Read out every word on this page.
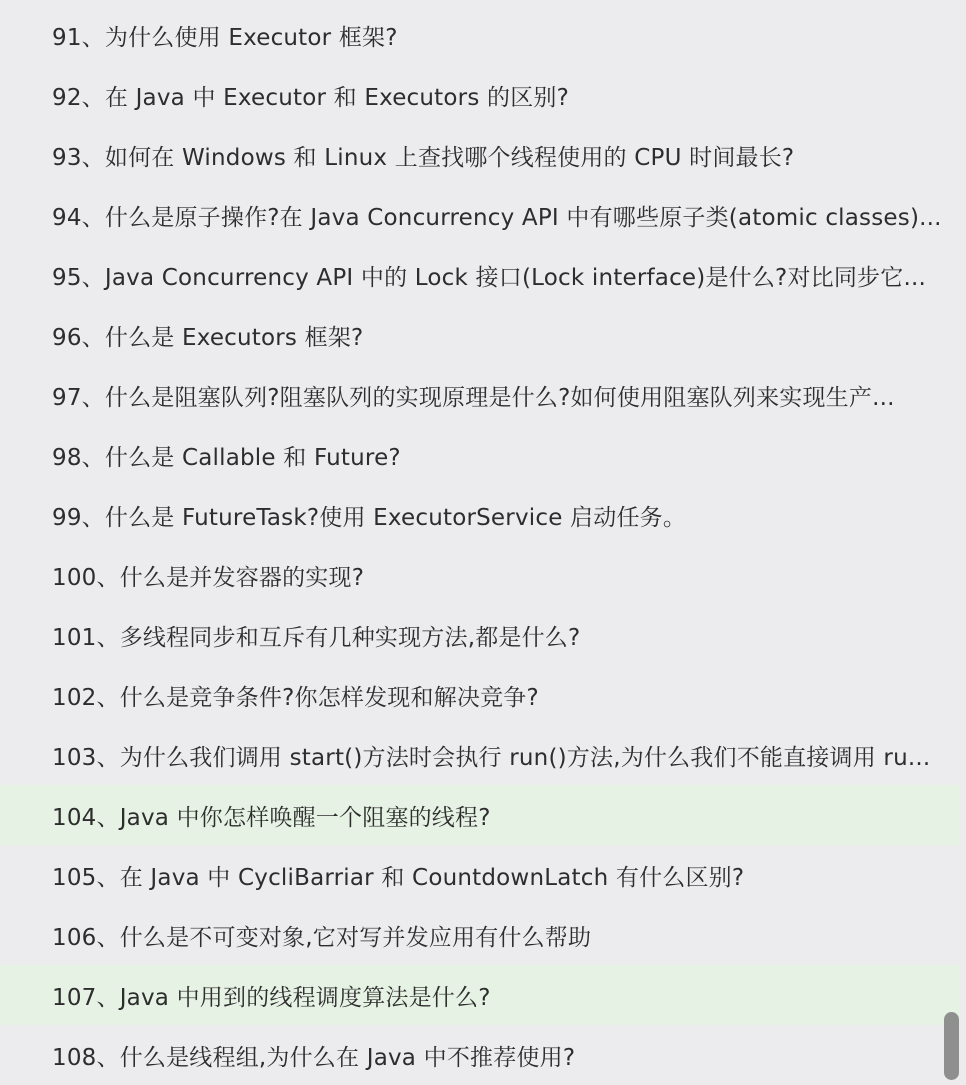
91、为什么使用 Executor 框架?
92、在 Java 中 Executor 和 Executors 的区别?
93、如何在 Windows 和 Linux 上查找哪个线程使用的 CPU 时间最长?
94、什么是原子操作?在 Java Concurrency API 中有哪些原子类(atomic classes)...
95、Java Concurrency API 中的 Lock 接口(Lock interface)是什么?对比同步它...
96、什么是 Executors 框架?
97、什么是阻塞队列?阻塞队列的实现原理是什么?如何使用阻塞队列来实现生产...
98、什么是 Callable 和 Future?
99、什么是 FutureTask?使用 ExecutorService 启动任务。
100、什么是并发容器的实现?
101、多线程同步和互斥有几种实现方法,都是什么?
102、什么是竞争条件?你怎样发现和解决竞争?
103、为什么我们调用 start()方法时会执行 run()方法,为什么我们不能直接调用 ru...
104、Java 中你怎样唤醒一个阻塞的线程?
105、在 Java 中 CycliBarriar 和 CountdownLatch 有什么区别?
106、什么是不可变对象,它对写并发应用有什么帮助
107、Java 中用到的线程调度算法是什么?
108、什么是线程组,为什么在 Java 中不推荐使用?
